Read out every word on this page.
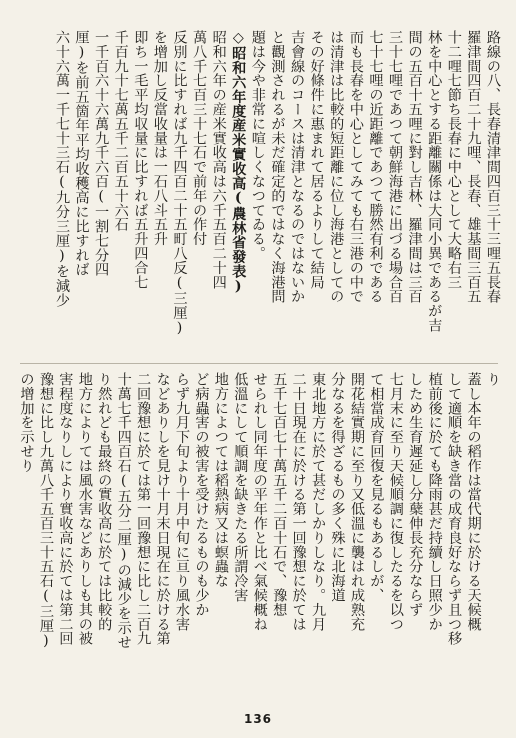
路線の八、長春清津間四百三十三哩五長春
羅津間四百二十九哩、長春、雄基間三百五
十二哩七節ち長春に中心として大略右三
林を中心とする距離關係は大同小異であるが吉
間の五百十五哩に對し吉林、羅津間は三百
三十七哩であつて朝鮮海港に出づる場合百
七十七哩の近距離であつて勝然有利である
而も長春を中心としてみても右三港の中で
は清津は比較的短距離に位し海港としての
その好條件に惠まれて居るよりして結局
吉會線のコースは清津となるのではないか
と觀測されるが未だ確定的ではなく海港問
題は今や非常に喧しくなつてゐる。
◇昭和六年度産米實收高(農林省發表)
昭和六年の産米實收高は六千五百二十四
萬八千七百三十七石で前年の作付
反別に比すれば九千四百二十五町八反(三厘)
を增加し反當收量は一石八斗五升
即ち一毛平均収量に比すれば五升四合七
千百九十七萬五千二百五十六石
一千百六十六萬九千六百(一割七分四
厘)を前五箇年平均收穫高に比すれば
六十六萬一千七十三石(九分三厘)を減少
り
蓋し本年の稻作は當代期に於ける天候概
して適順を缺き當の成育良好ならず且つ移
植前後に於ても降雨甚だ持續し日照少か
しため生育遲延し分蘖伸長充分ならず
七月末に至り天候順調に復したるを以つ
て相當成育回復を見るもあるしが、
開花結實期に至り又低溫に襲はれ成熟充
分なるを得ざるもの多く殊に北海道
東北地方に於て甚だしかりしなり。九月
二十日現在に於ける第一回豫想に於ては
五千七百七十萬五千二百十石で、豫想
せられし同年度の平年作と比べ氣候概ね
低溫にして順調を缺きたる所謂冷害
地方によつては稻熱病又は螟蟲な
ど病蟲害の被害を受けたるものも少か
らず九月下旬より十月中旬に亘り風水害
などありしを見け十月末日現在に於ける第
二回豫想に於ては第一回豫想に比し二百九
十萬七千四百石(五分二厘)の減少を示せ
り然れども最終の實收高に於ては比較的
地方によりては風水害などありしも其の被
害程度なりしにより實收高に於ては第二回
豫想に比し九萬八千五百三十五石(三厘)
の增加を示せり
136
